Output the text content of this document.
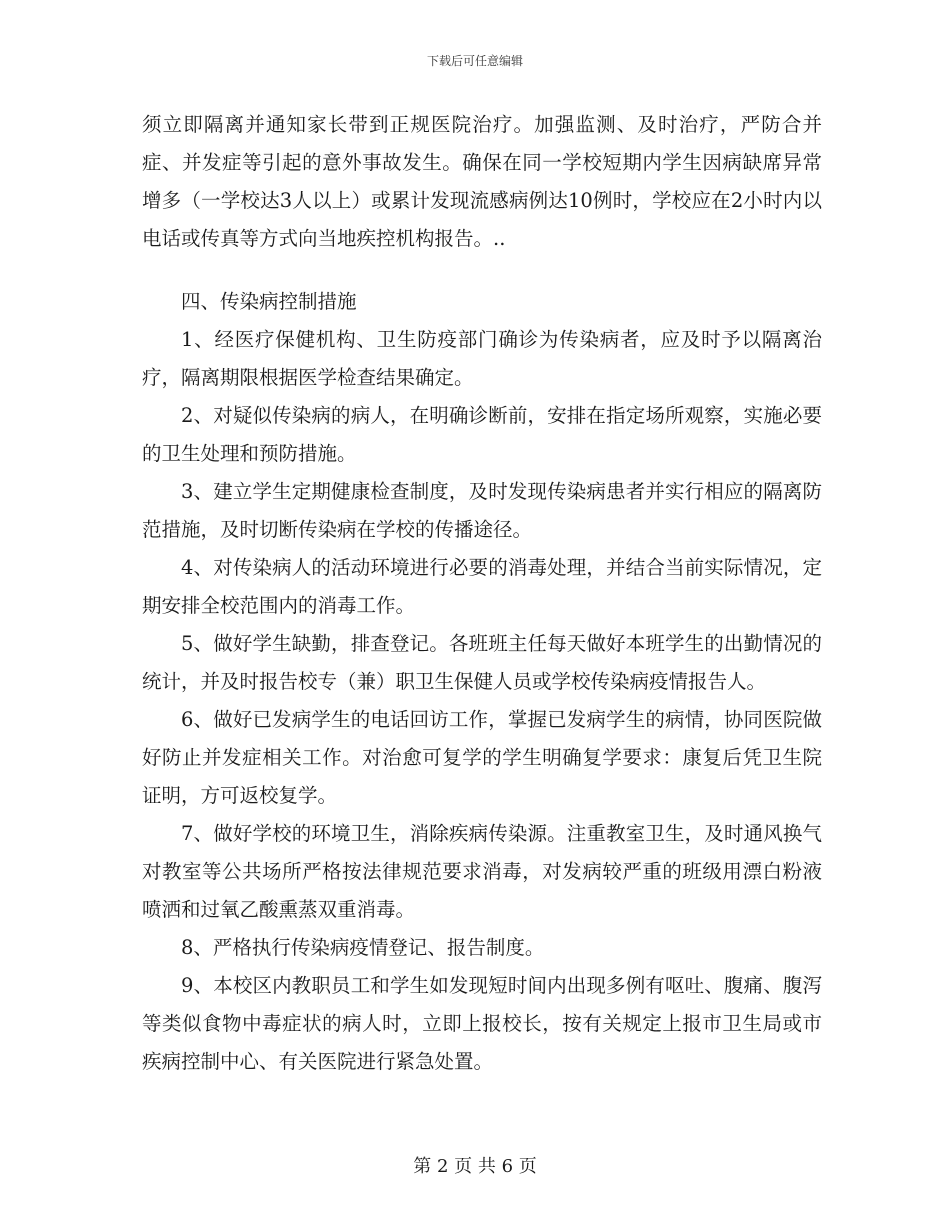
下载后可任意编辑

须立即隔离并通知家长带到正规医院治疗。加强监测、及时治疗，严防合并症、并发症等引起的意外事故发生。确保在同一学校短期内学生因病缺席异常增多（一学校达3人以上）或累计发现流感病例达10例时，学校应在2小时内以电话或传真等方式向当地疾控机构报告。..

四、传染病控制措施

1、经医疗保健机构、卫生防疫部门确诊为传染病者，应及时予以隔离治疗，隔离期限根据医学检查结果确定。

2、对疑似传染病的病人，在明确诊断前，安排在指定场所观察，实施必要的卫生处理和预防措施。

3、建立学生定期健康检查制度，及时发现传染病患者并实行相应的隔离防范措施，及时切断传染病在学校的传播途径。

4、对传染病人的活动环境进行必要的消毒处理，并结合当前实际情况，定期安排全校范围内的消毒工作。

5、做好学生缺勤，排查登记。各班班主任每天做好本班学生的出勤情况的统计，并及时报告校专（兼）职卫生保健人员或学校传染病疫情报告人。

6、做好已发病学生的电话回访工作，掌握已发病学生的病情，协同医院做好防止并发症相关工作。对治愈可复学的学生明确复学要求：康复后凭卫生院证明，方可返校复学。

7、做好学校的环境卫生，消除疾病传染源。注重教室卫生，及时通风换气对教室等公共场所严格按法律规范要求消毒，对发病较严重的班级用漂白粉液喷洒和过氧乙酸熏蒸双重消毒。

8、严格执行传染病疫情登记、报告制度。

9、本校区内教职员工和学生如发现短时间内出现多例有呕吐、腹痛、腹泻等类似食物中毒症状的病人时，立即上报校长，按有关规定上报市卫生局或市疾病控制中心、有关医院进行紧急处置。

第 2 页 共 6 页
